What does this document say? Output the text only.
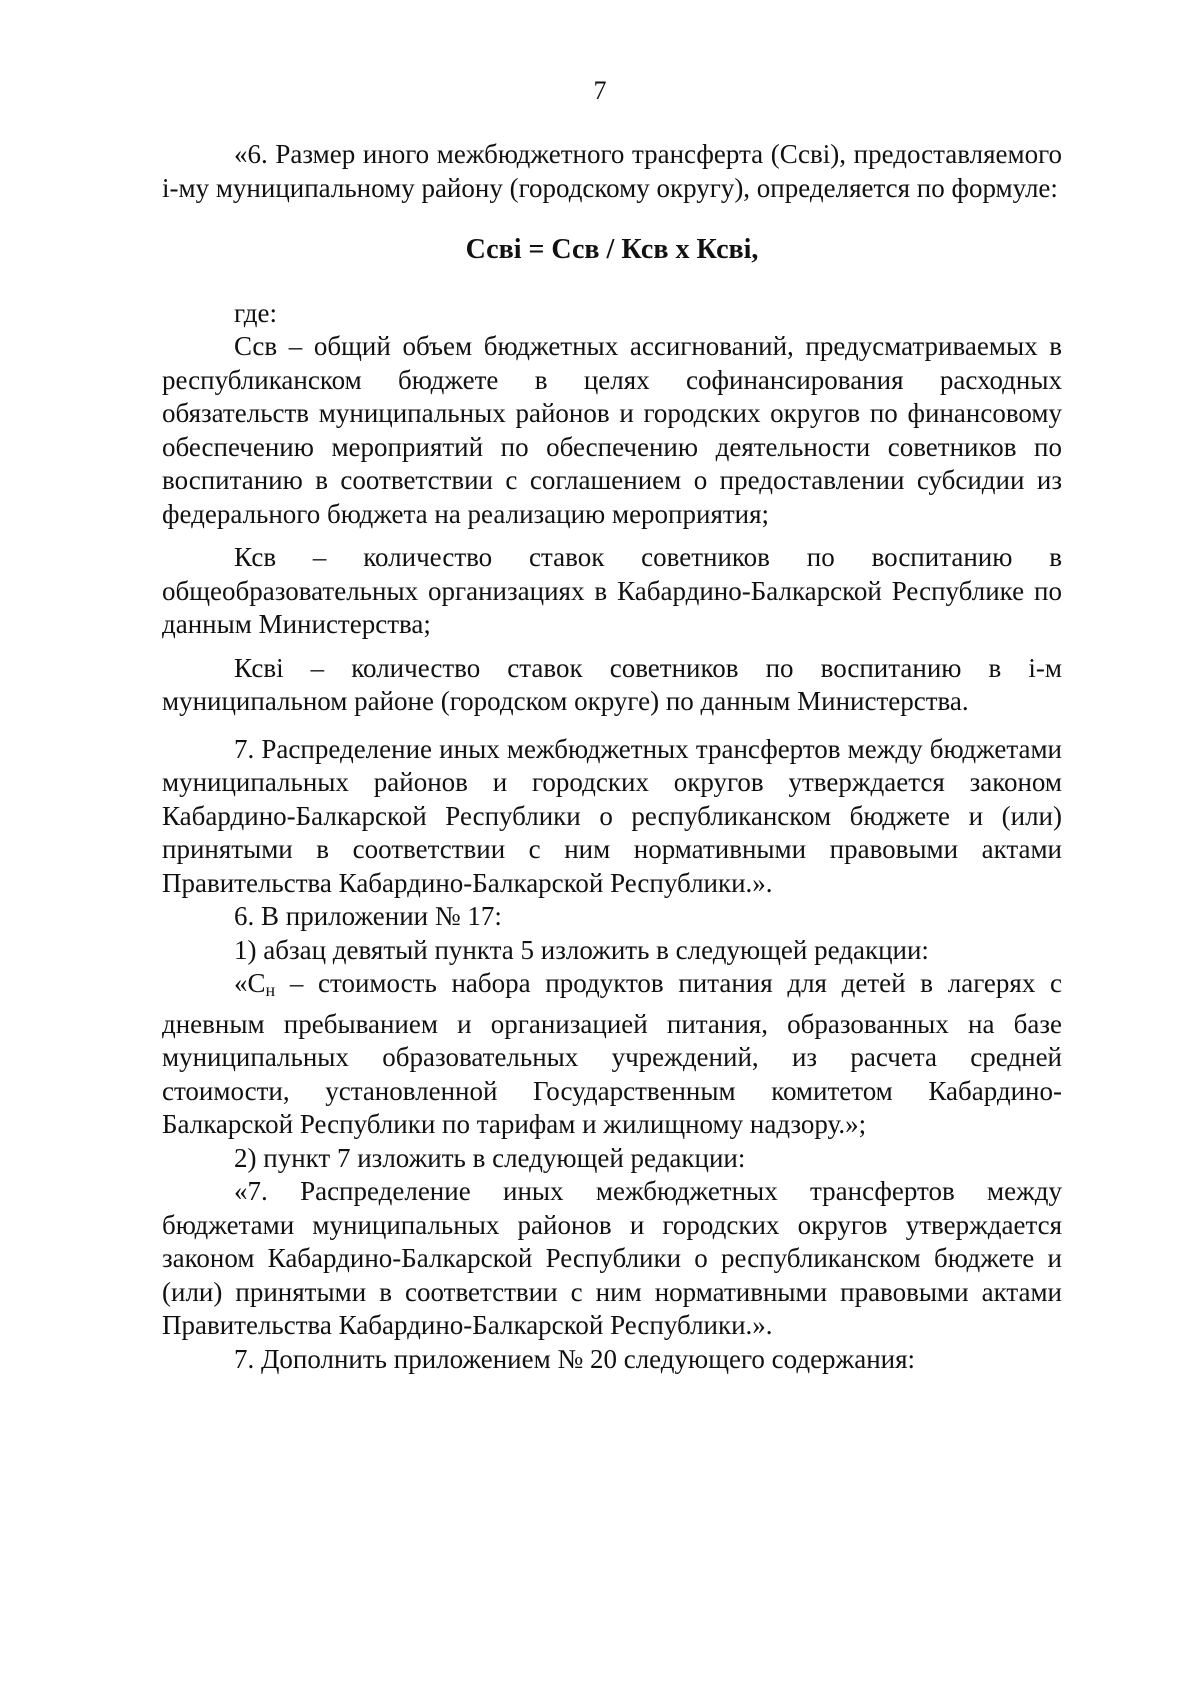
7

«6. Размер иного межбюджетного трансферта (Ссвi), предоставляемого i-му муниципальному району (городскому округу), определяется по формуле:

Ссвi = Ссв / Ксв х Ксвi,

где:

Ссв – общий объем бюджетных ассигнований, предусматриваемых в республиканском бюджете в целях софинансирования расходных обязательств муниципальных районов и городских округов по финансовому обеспечению мероприятий по обеспечению деятельности советников по воспитанию в соответствии с соглашением о предоставлении субсидии из федерального бюджета на реализацию мероприятия;

Ксв – количество ставок советников по воспитанию в общеобразовательных организациях в Кабардино-Балкарской Республике по данным Министерства;

Ксвi – количество ставок советников по воспитанию в i-м муниципальном районе (городском округе) по данным Министерства.

7. Распределение иных межбюджетных трансфертов между бюджетами муниципальных районов и городских округов утверждается законом Кабардино-Балкарской Республики о республиканском бюджете и (или) принятыми в соответствии с ним нормативными правовыми актами Правительства Кабардино-Балкарской Республики.».

6. В приложении № 17:

1) абзац девятый пункта 5 изложить в следующей редакции:

«$С_н$ – стоимость набора продуктов питания для детей в лагерях с дневным пребыванием и организацией питания, образованных на базе муниципальных образовательных учреждений, из расчета средней стоимости, установленной Государственным комитетом Кабардино-Балкарской Республики по тарифам и жилищному надзору.»;

2) пункт 7 изложить в следующей редакции:

«7. Распределение иных межбюджетных трансфертов между бюджетами муниципальных районов и городских округов утверждается законом Кабардино-Балкарской Республики о республиканском бюджете и (или) принятыми в соответствии с ним нормативными правовыми актами Правительства Кабардино-Балкарской Республики.».

7. Дополнить приложением № 20 следующего содержания:
